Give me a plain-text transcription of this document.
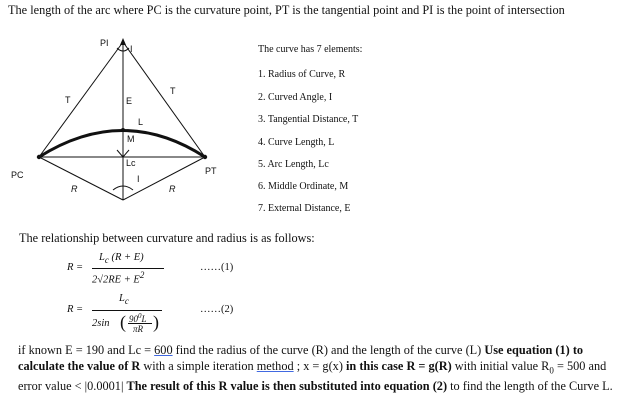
The length of the arc where PC is the curvature point, PT is the tangential point and PI is the point of intersection
PI
I
T
T
E
L
M
Lc
PC	PT
I
R	R
The curve has 7 elements:
1. Radius of Curve, R
2. Curved Angle, I
3. Tangential Distance, T
4. Curve Length, L
5. Arc Length, Lc
6. Middle Ordinate, M
7. External Distance, E
The relationship between curvature and radius is as follows:
R =
$L_c$ (R + E)
$2√2RE + E^2$
……(1)
R =
$L_c$
2sin ( $90^0L$
πR )
……(2)
if known E = 190 and Lc = 600 find the radius of the curve (R) and the length of the curve (L) Use equation (1) to calculate the value of R with a simple iteration method ; x = g(x) in this case R = g(R) with initial value $R_0 = 500$ and error value < |0.0001| The result of this R value is then substituted into equation (2) to find the length of the Curve L.
